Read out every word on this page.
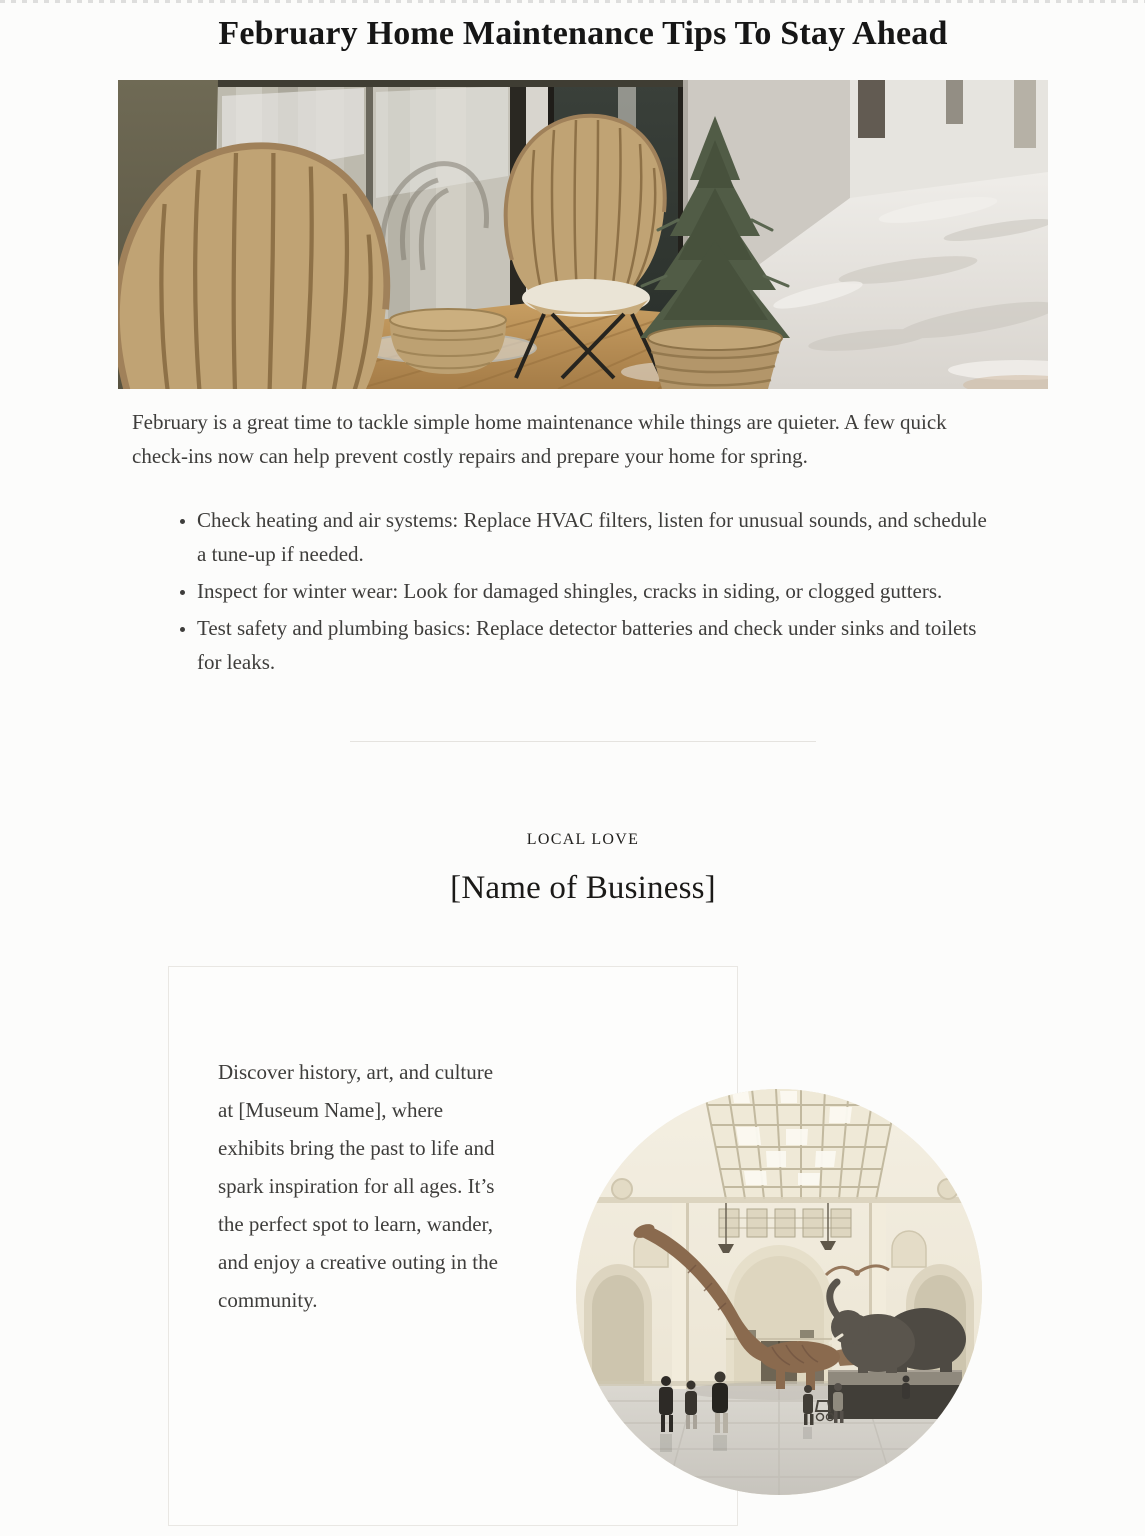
February Home Maintenance Tips To Stay Ahead

February is a great time to tackle simple home maintenance while things are quieter. A few quick check-ins now can help prevent costly repairs and prepare your home for spring.

• Check heating and air systems: Replace HVAC filters, listen for unusual sounds, and schedule a tune-up if needed.
• Inspect for winter wear: Look for damaged shingles, cracks in siding, or clogged gutters.
• Test safety and plumbing basics: Replace detector batteries and check under sinks and toilets for leaks.
LOCAL LOVE
[Name of Business]

Discover history, art, and culture at [Museum Name], where exhibits bring the past to life and spark inspiration for all ages. It’s the perfect spot to learn, wander, and enjoy a creative outing in the community.
